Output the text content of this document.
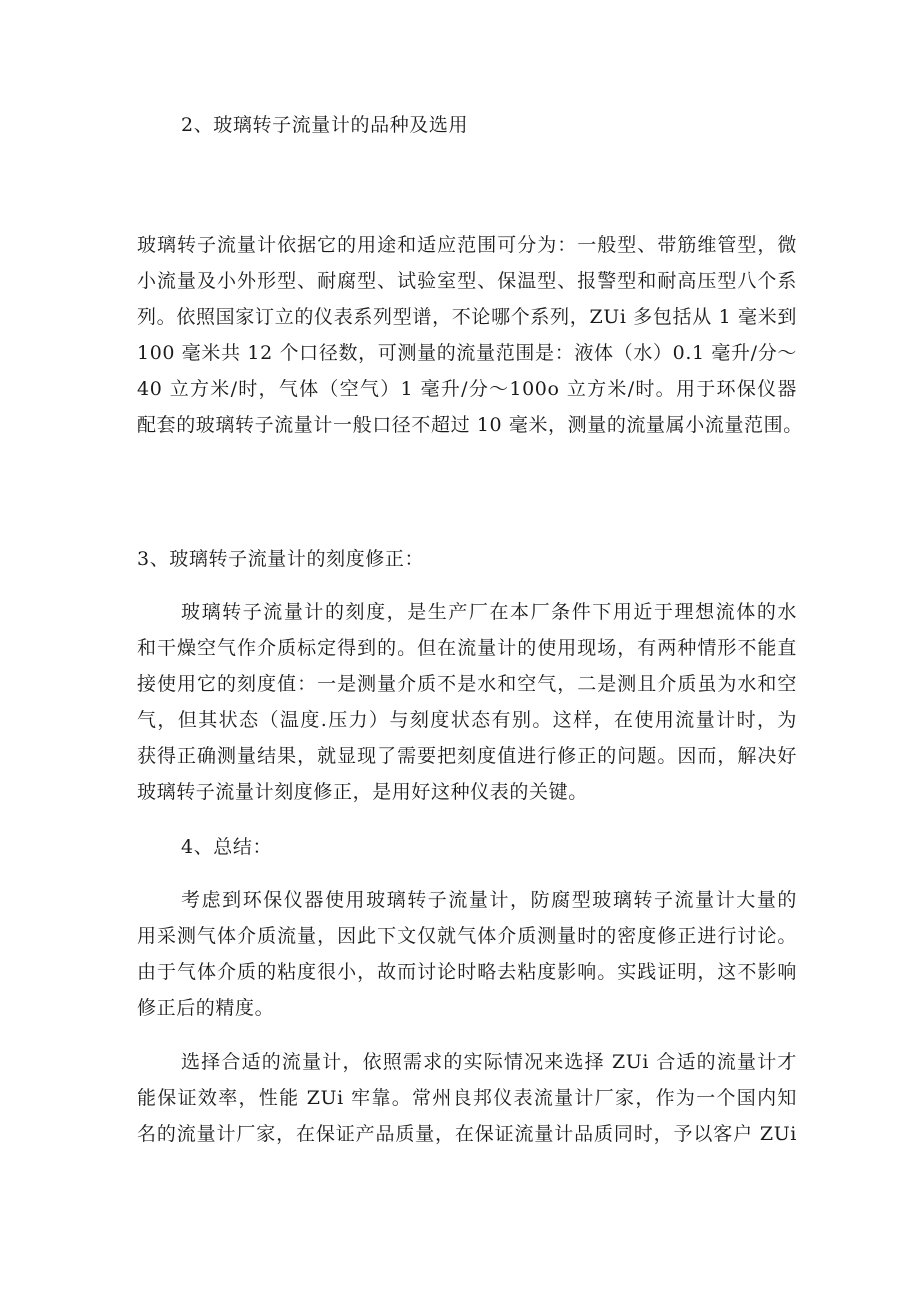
2、玻璃转子流量计的品种及选用
玻璃转子流量计依据它的用途和适应范围可分为：一般型、带筋维管型，微
小流量及小外形型、耐腐型、试验室型、保温型、报警型和耐高压型八个系
列。依照国家订立的仪表系列型谱，不论哪个系列，ZUi 多包括从 1 毫米到
100 毫米共 12 个口径数，可测量的流量范围是：液体（水）0.1 毫升/分～
40 立方米/时，气体（空气）1 毫升/分～100o 立方米/时。用于环保仪器
配套的玻璃转子流量计一般口径不超过 10 毫米，测量的流量属小流量范围。
3、玻璃转子流量计的刻度修正：
玻璃转子流量计的刻度，是生产厂在本厂条件下用近于理想流体的水
和干燥空气作介质标定得到的。但在流量计的使用现场，有两种情形不能直
接使用它的刻度值：一是测量介质不是水和空气，二是测且介质虽为水和空
气，但其状态（温度.压力）与刻度状态有别。这样，在使用流量计时，为
获得正确测量结果，就显现了需要把刻度值进行修正的问题。因而，解决好
玻璃转子流量计刻度修正，是用好这种仪表的关键。
4、总结：
考虑到环保仪器使用玻璃转子流量计，防腐型玻璃转子流量计大量的
用采测气体介质流量，因此下文仅就气体介质测量时的密度修正进行讨论。
由于气体介质的粘度很小，故而讨论时略去粘度影响。实践证明，这不影响
修正后的精度。
选择合适的流量计，依照需求的实际情况来选择 ZUi 合适的流量计才
能保证效率，性能 ZUi 牢靠。常州良邦仪表流量计厂家，作为一个国内知
名的流量计厂家，在保证产品质量，在保证流量计品质同时，予以客户 ZUi
